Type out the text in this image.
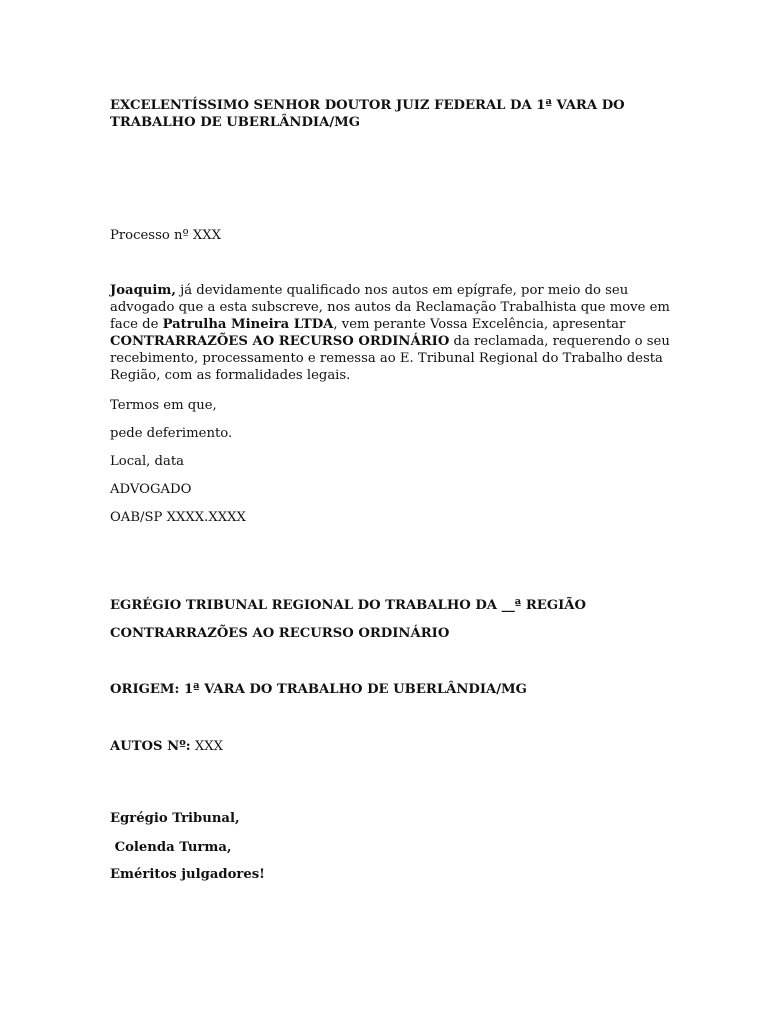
EXCELENTÍSSIMO SENHOR DOUTOR JUIZ FEDERAL DA 1ª VARA DO
TRABALHO DE UBERLÂNDIA/MG
Processo nº XXX
Joaquim, já devidamente qualificado nos autos em epígrafe, por meio do seu
advogado que a esta subscreve, nos autos da Reclamação Trabalhista que move em
face de Patrulha Mineira LTDA, vem perante Vossa Excelência, apresentar
CONTRARRAZÕES AO RECURSO ORDINÁRIO da reclamada, requerendo o seu
recebimento, processamento e remessa ao E. Tribunal Regional do Trabalho desta
Região, com as formalidades legais.
Termos em que,
pede deferimento.
Local, data
ADVOGADO
OAB/SP XXXX.XXXX
EGRÉGIO TRIBUNAL REGIONAL DO TRABALHO DA __ª REGIÃO
CONTRARRAZÕES AO RECURSO ORDINÁRIO
ORIGEM: 1ª VARA DO TRABALHO DE UBERLÂNDIA/MG
AUTOS Nº: XXX
Egrégio Tribunal,
Colenda Turma,
Eméritos julgadores!
